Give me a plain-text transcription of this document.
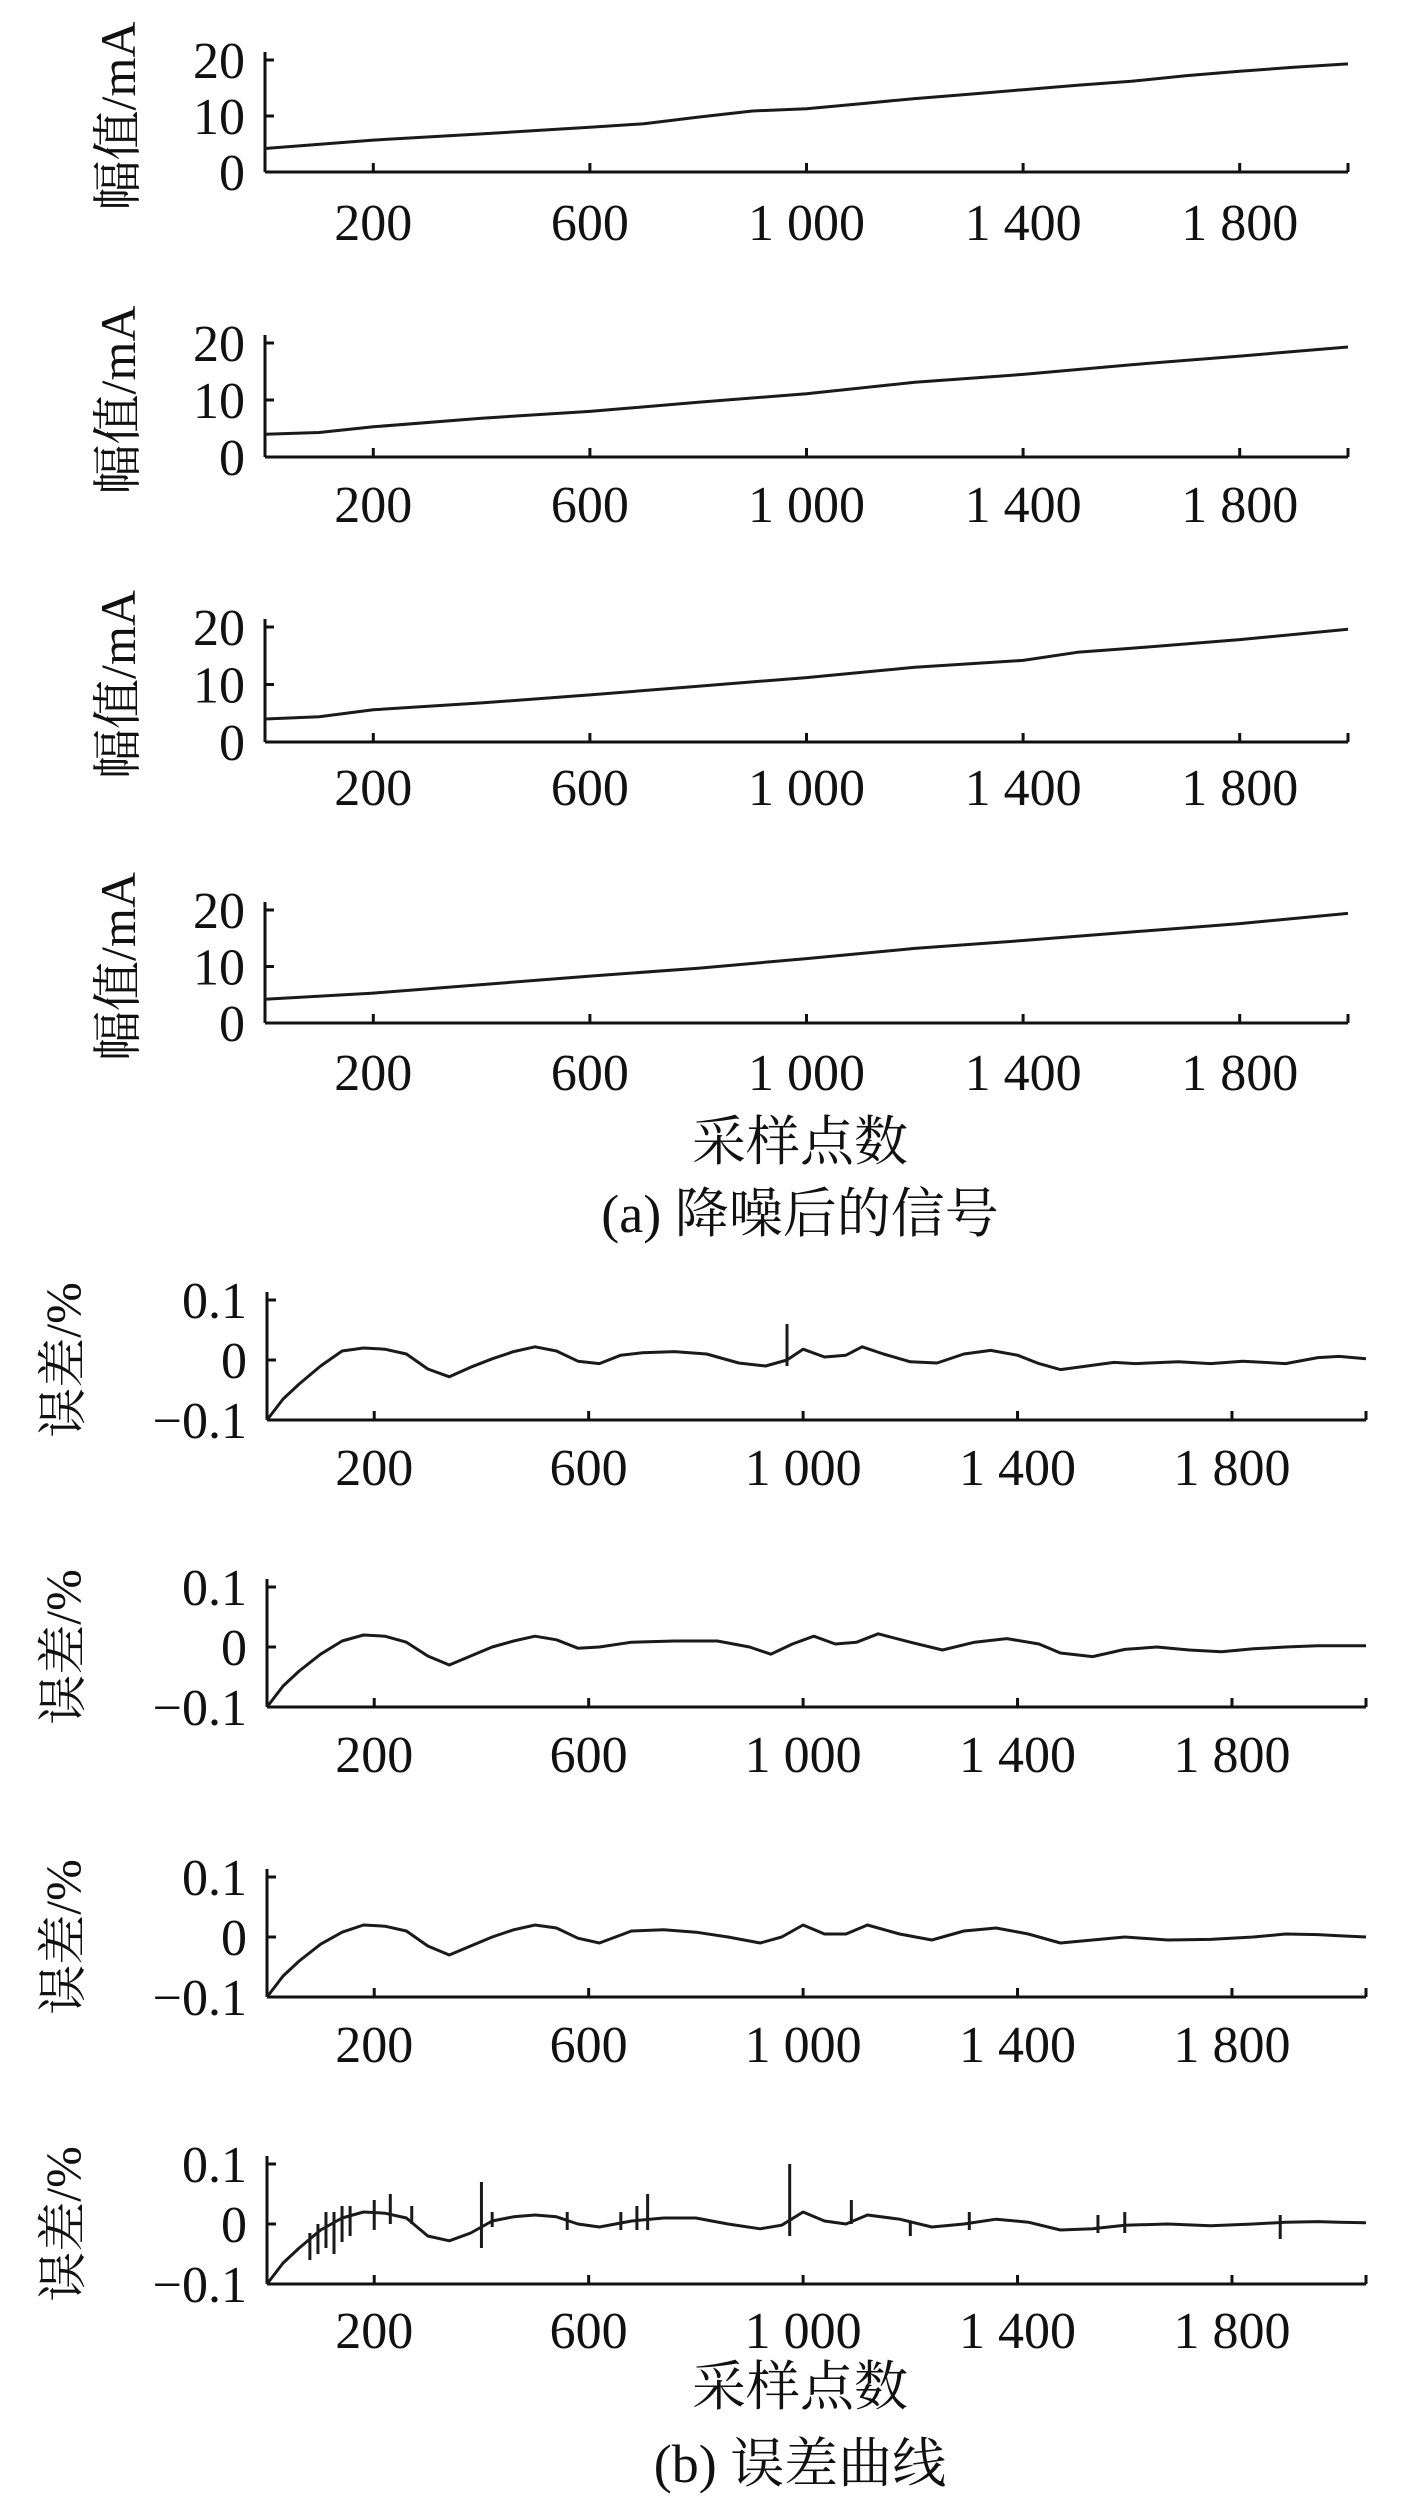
200	600 1 000 1 400 1 800
0
10
20
幅值/mA
200	600 1 000 1 400 1 800
0
10
20
幅值/mA
200	600 1 000 1 400 1 800
0
10
20
幅值/mA
200	600 1 000 1 400 1 800
0
10
20
幅值/mA
采样点数
(a) 降噪后的信号
200	600 1 000 1 400 1 800
−0.1
0
0.1
误差/%
200	600 1 000 1 400 1 800
−0.1
0
0.1
误差/%
200	600 1 000 1 400 1 800
−0.1
0
0.1
误差/%
200	600 1 000 1 400 1 800
−0.1
0
0.1
误差/%
采样点数
(b) 误差曲线
